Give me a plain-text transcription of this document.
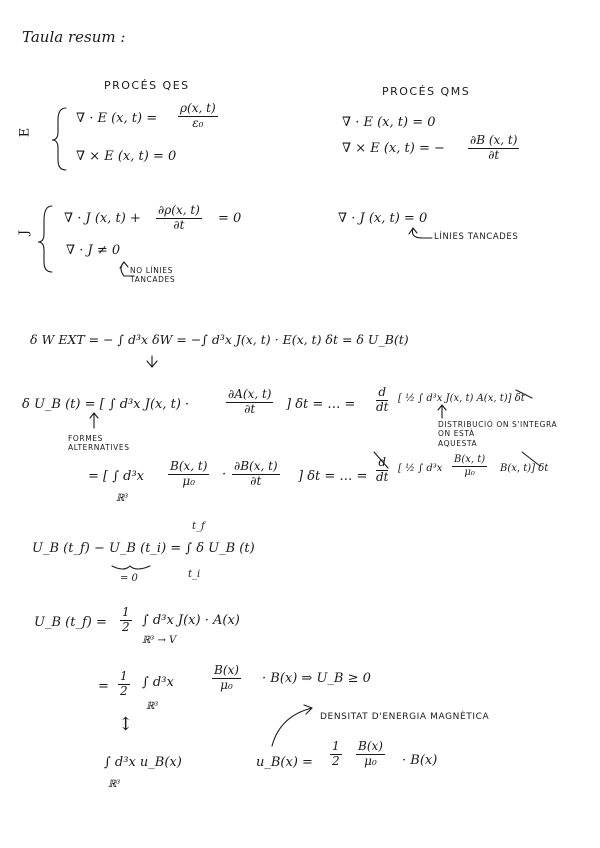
Taula resum :
PROCÉS QES	PROCÉS QMS
E
J
∇ · E (x, $t) = \frac{\rho(x, t)}{\text{ε₀}}$
∇ × E (x, t) = 0
∇ · E (x, t) = 0
∇ × E (x, t) = − $\frac{\partial B (x, t)}{\partial t}$
∇ · J (x, $t) + \frac{\partial\rho(x, t)}{\partial t} = 0$
∇ · J ≠ 0
NO LÍNIES
TANCADES
∇ · J (x, t) = 0
LÍNIES TANCADES
δ W EXT = − ∫ d³x δW = −∫ d³x J(x, t) · E(x, t) δt = δ U_B(t)
δ U_B (t) = [ ∫ d³x J(x, t) ·	$\frac{\partial A(x, t)}{\partial t}$ ] δt = … = $\frac{d}{dt}$ [ ½ ∫ d³x J(x, t) A(x, t)] δt
DISTRIBUCIÓ ON S'INTEGRA
ON ESTÀ
AQUESTA
FORMES
ALTERNATIVES
= [ ∫ d³x
ℝ³
$\frac{B(x, t)}{\text{μ₀}} \cdot \frac{\partial B(x, t)}{\partial t}$ ] δt = … = $\frac{d}{dt}$ [ ½ ∫ $d^3x \frac{B(x, t)}{\text{μ₀}} B(x$, t)] δt
t_f
U_B (t_f) − U_B (t_i) = ∫ δ U_B (t)
t_i
= 0
U_B (t_f) = $\frac{1}{2}$ ∫ d³x J(x) · A(x)
ℝ³ → V
= $\frac{1}{2}$ ∫ d³x
ℝ³
$\frac{B(x)}{\text{μ₀}} \cdot B(x)$ ⇒ U_B ≥ 0
DENSITAT D'ENERGIA MAGNÈTICA
↕
∫ d³x u_B(x)
ℝ³
u_B(x) = $\frac{1}{2} \frac{B(x)}{\text{μ₀}} \cdot B(x)$
